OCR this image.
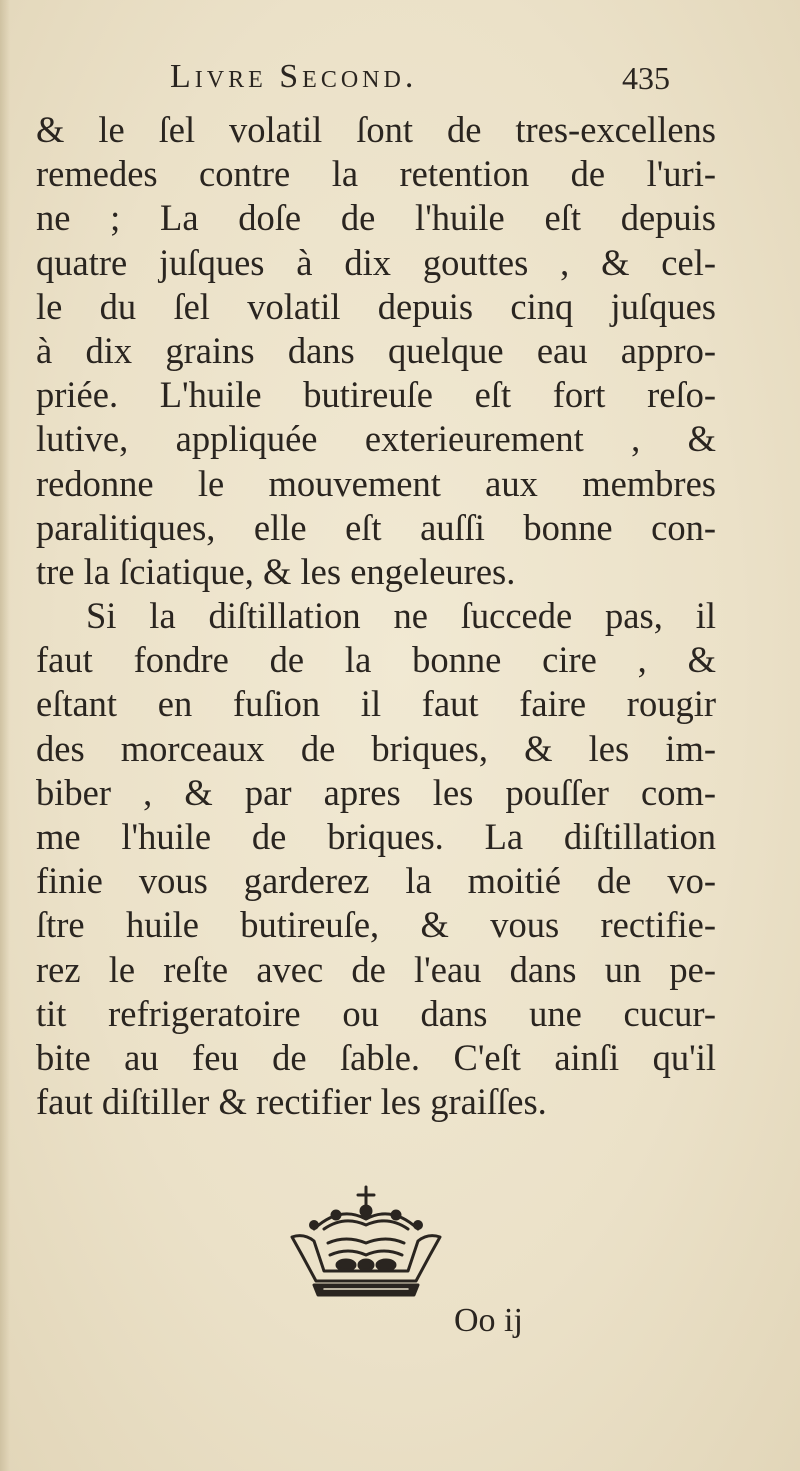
Livre Second.	435
& le ſel volatil ſont de tres-excellens
remedes contre la retention de l'uri-
ne ; La doſe de l'huile eſt depuis
quatre juſques à dix gouttes , & cel-
le du ſel volatil depuis cinq juſques
à dix grains dans quelque eau appro-
priée. L'huile butireuſe eſt fort reſo-
lutive, appliquée exterieurement , &
redonne le mouvement aux membres
paralitiques, elle eſt auſſi bonne con-
tre la ſciatique, & les engeleures.
Si la diſtillation ne ſuccede pas, il
faut fondre de la bonne cire , &
eſtant en fuſion il faut faire rougir
des morceaux de briques, & les im-
biber , & par apres les pouſſer com-
me l'huile de briques. La diſtillation
finie vous garderez la moitié de vo-
ſtre huile butireuſe, & vous rectifie-
rez le reſte avec de l'eau dans un pe-
tit refrigeratoire ou dans une cucur-
bite au feu de ſable. C'eſt ainſi qu'il
faut diſtiller & rectifier les graiſſes.
Oo ij
